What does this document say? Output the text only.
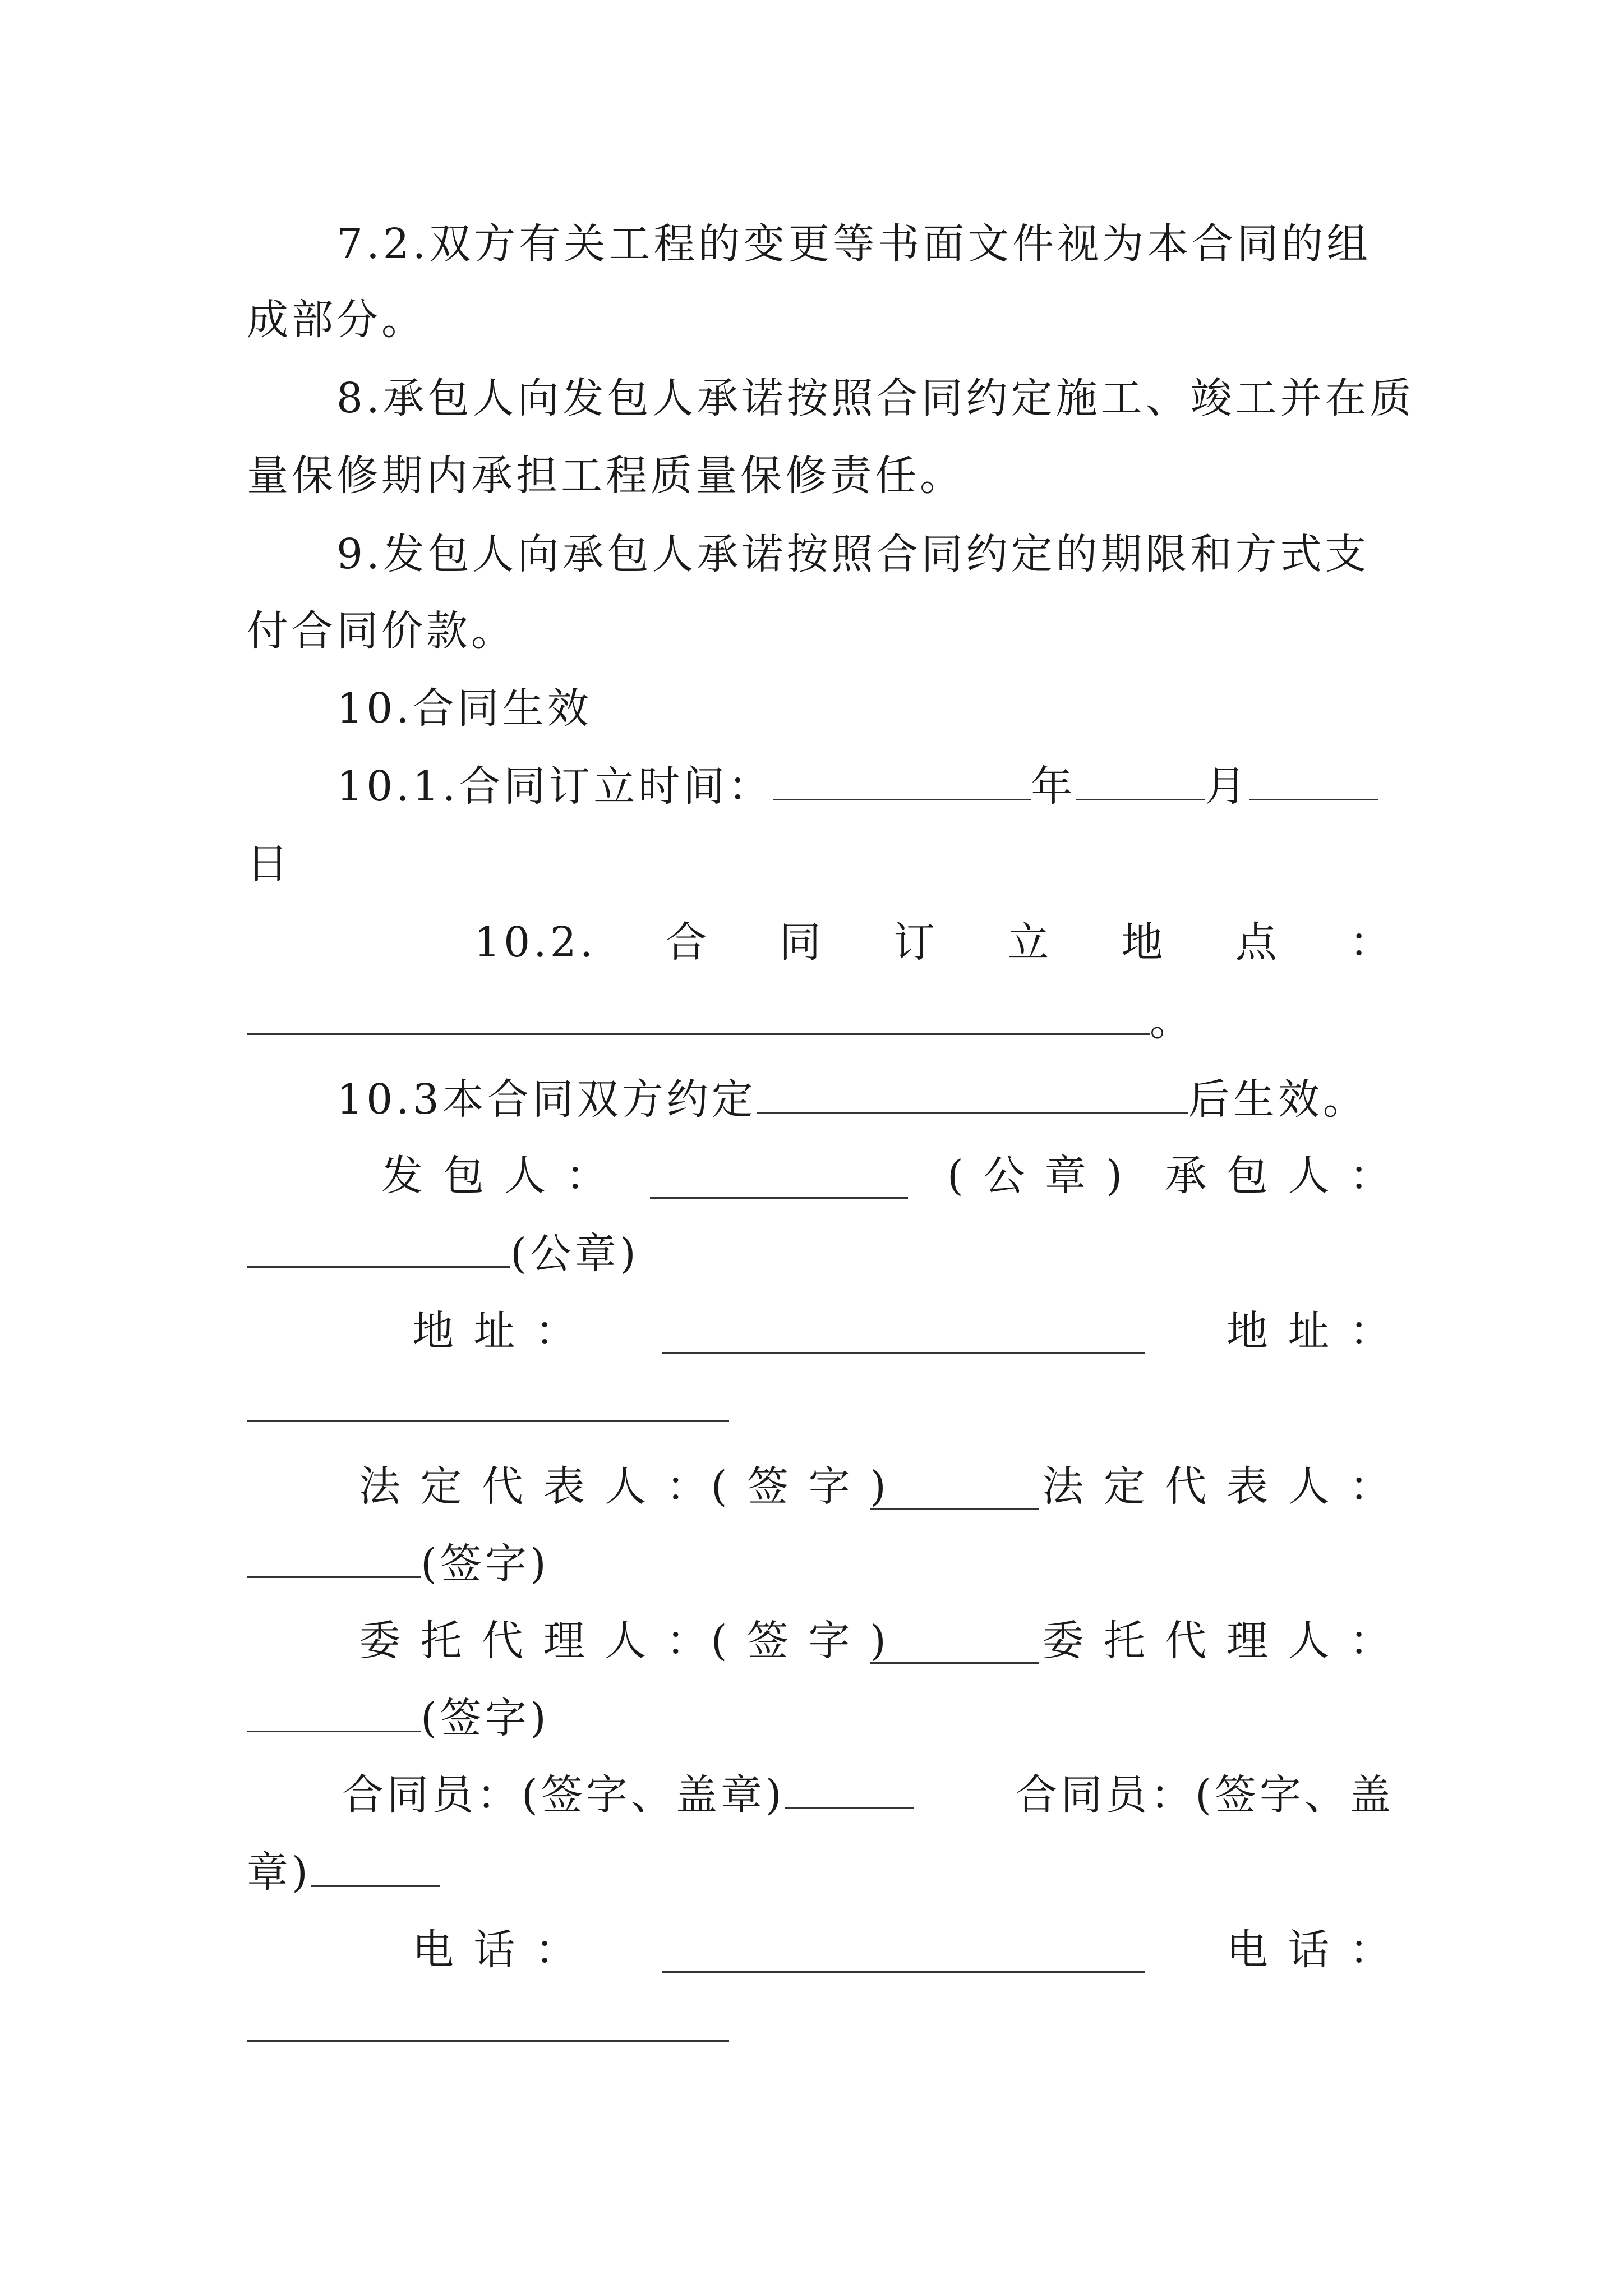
7.2.双方有关工程的变更等书面文件视为本合同的组
成部分。
8.承包人向发包人承诺按照合同约定施工、竣工并在质
量保修期内承担工程质量保修责任。
9.发包人向承包人承诺按照合同约定的期限和方式支
付合同价款。
10.合同生效
10.1.合同订立时间：	年	月
日
10.2. 合 同 订 立 地 点 ：
。
10.3本合同双方约定	后生效。
发 包 人 ：	( 公 章 ) 承 包 人 ：
(公章)
地 址 ：	地 址 ：
法 定 代 表 人 ：( 签 字 )	法 定 代 表 人 ：
(签字)
委 托 代 理 人 ：( 签 字 )	委 托 代 理 人 ：
(签字)
合同员：(签字、盖章)	合同员：(签字、盖
章)
电 话 ：	电 话 ：
